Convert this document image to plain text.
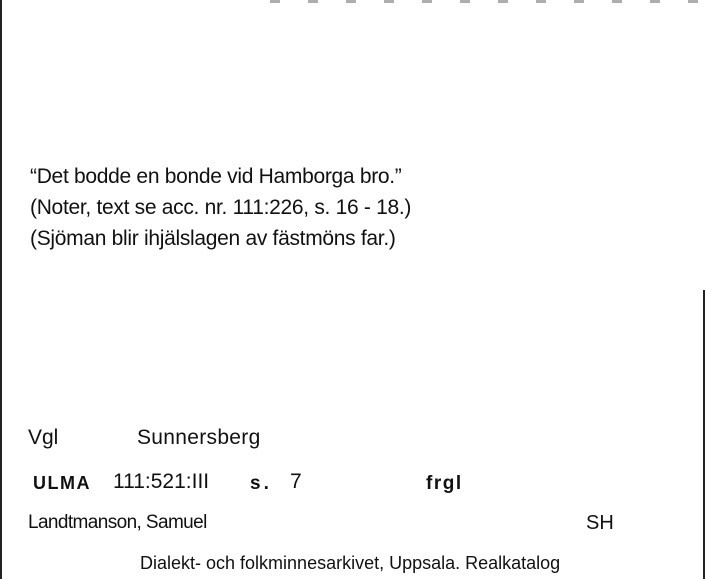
“Det bodde en bonde vid Hamborga bro.”
(Noter, text se acc. nr. 111:226, s. 16 - 18.)
(Sjöman blir ihjälslagen av fästmöns far.)
Vgl	Sunnersberg
ULMA 111:521:III s. 7	frgl
Landtmanson, Samuel	SH
Dialekt- och folkminnesarkivet, Uppsala. Realkatalog
